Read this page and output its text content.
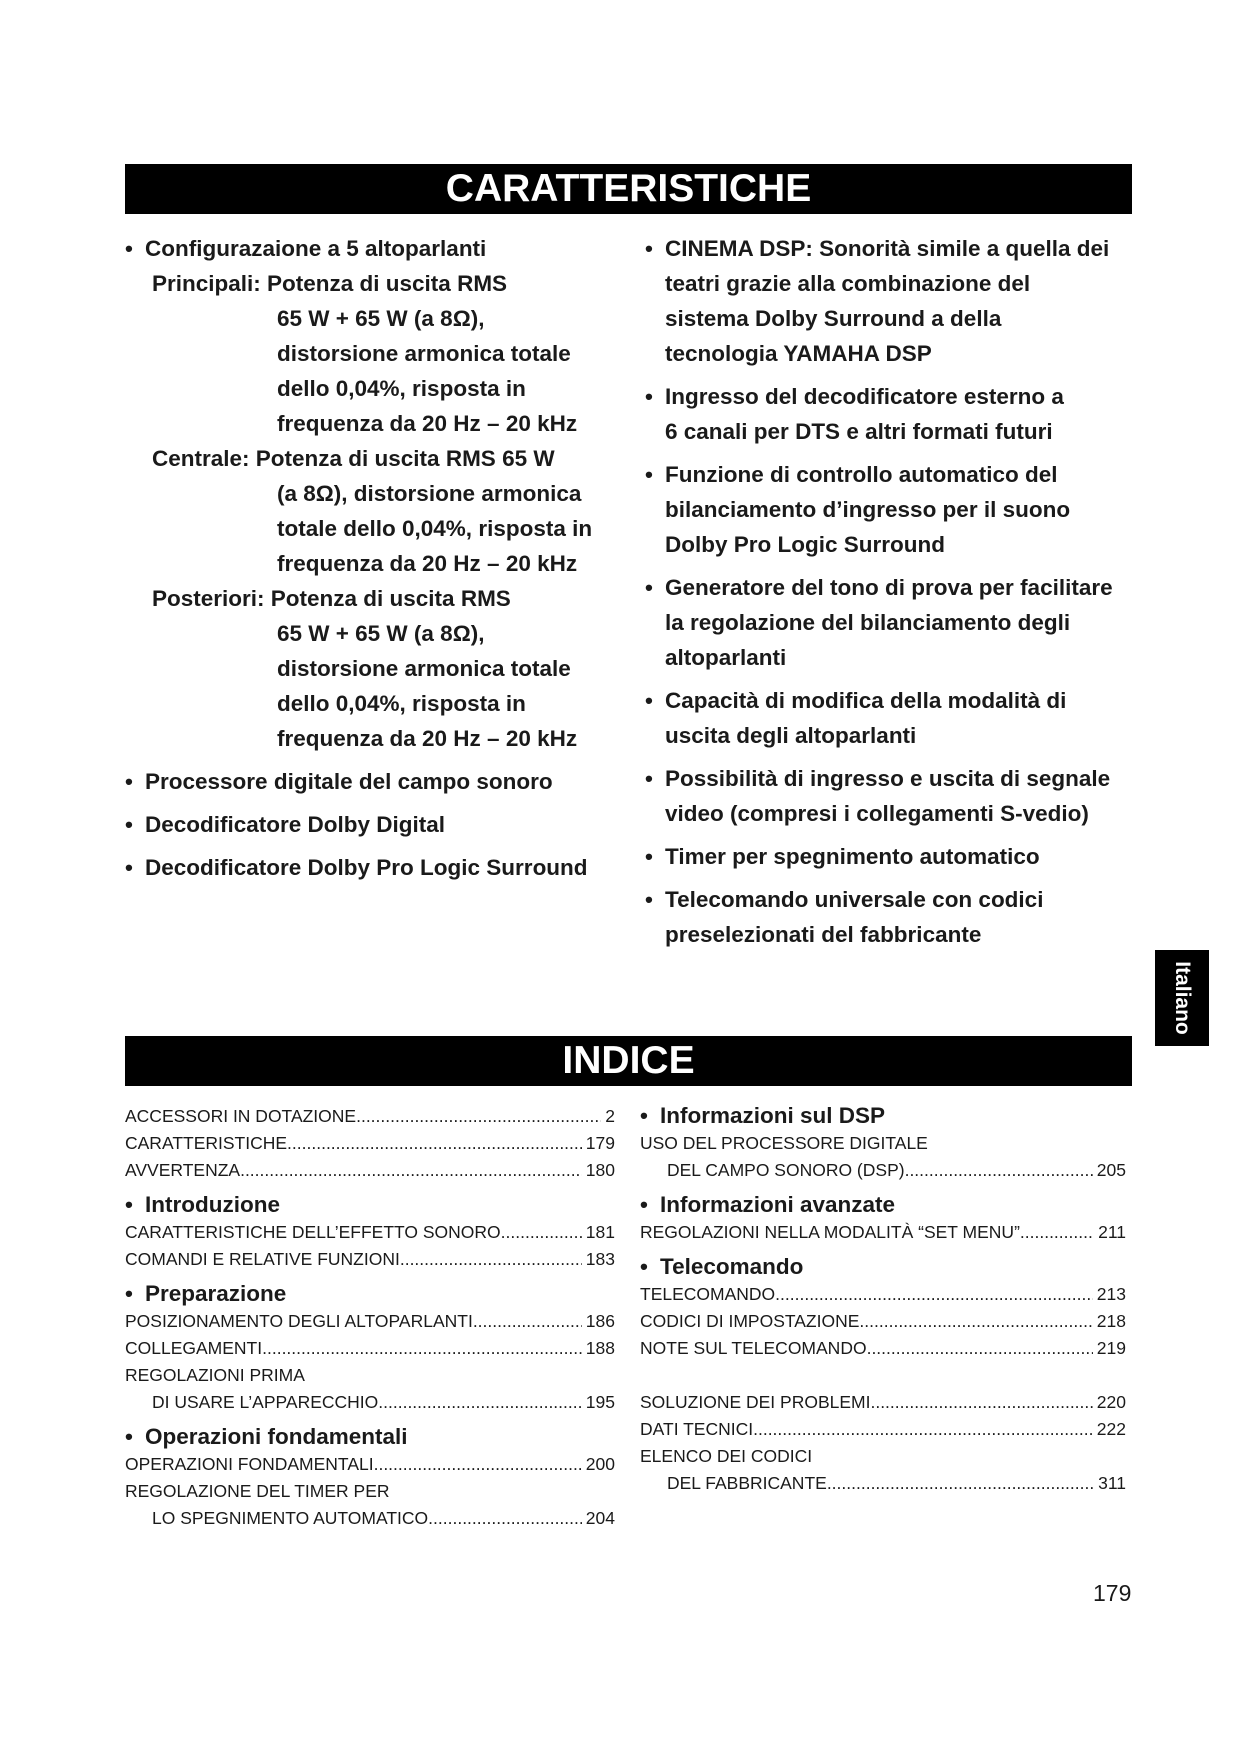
CARATTERISTICHE
• Configurazaione a 5 altoparlanti
Principali: Potenza di uscita RMS
65 W + 65 W (a 8Ω),
distorsione armonica totale
dello 0,04%, risposta in
frequenza da 20 Hz – 20 kHz
Centrale: Potenza di uscita RMS 65 W
(a 8Ω), distorsione armonica
totale dello 0,04%, risposta in
frequenza da 20 Hz – 20 kHz
Posteriori: Potenza di uscita RMS
65 W + 65 W (a 8Ω),
distorsione armonica totale
dello 0,04%, risposta in
frequenza da 20 Hz – 20 kHz
• Processore digitale del campo sonoro
• Decodificatore Dolby Digital
• Decodificatore Dolby Pro Logic Surround
• CINEMA DSP: Sonorità simile a quella dei
teatri grazie alla combinazione del
sistema Dolby Surround a della
tecnologia YAMAHA DSP
• Ingresso del decodificatore esterno a
6 canali per DTS e altri formati futuri
• Funzione di controllo automatico del
bilanciamento d’ingresso per il suono
Dolby Pro Logic Surround
• Generatore del tono di prova per facilitare
la regolazione del bilanciamento degli
altoparlanti
• Capacità di modifica della modalità di
uscita degli altoparlanti
• Possibilità di ingresso e uscita di segnale
video (compresi i collegamenti S-vedio)
• Timer per spegnimento automatico
• Telecomando universale con codici
preselezionati del fabbricante
Italiano
INDICE
ACCESSORI IN DOTAZIONE .....	2
CARATTERISTICHE .....	179
AVVERTENZA .....	180
• Introduzione
CARATTERISTICHE DELL’EFFETTO SONORO .....	181
COMANDI E RELATIVE FUNZIONI .....	183
• Preparazione
POSIZIONAMENTO DEGLI ALTOPARLANTI .....	186
COLLEGAMENTI .....	188
REGOLAZIONI PRIMA
DI USARE L’APPARECCHIO .....	195
• Operazioni fondamentali
OPERAZIONI FONDAMENTALI .....	200
REGOLAZIONE DEL TIMER PER
LO SPEGNIMENTO AUTOMATICO .....	204
• Informazioni sul DSP
USO DEL PROCESSORE DIGITALE
DEL CAMPO SONORO (DSP) .....	205
• Informazioni avanzate
REGOLAZIONI NELLA MODALITÀ “SET MENU” .....	211
• Telecomando
TELECOMANDO .....	213
CODICI DI IMPOSTAZIONE .....	218
NOTE SUL TELECOMANDO .....	219
SOLUZIONE DEI PROBLEMI .....	220
DATI TECNICI .....	222
ELENCO DEI CODICI
DEL FABBRICANTE .....	311
179
